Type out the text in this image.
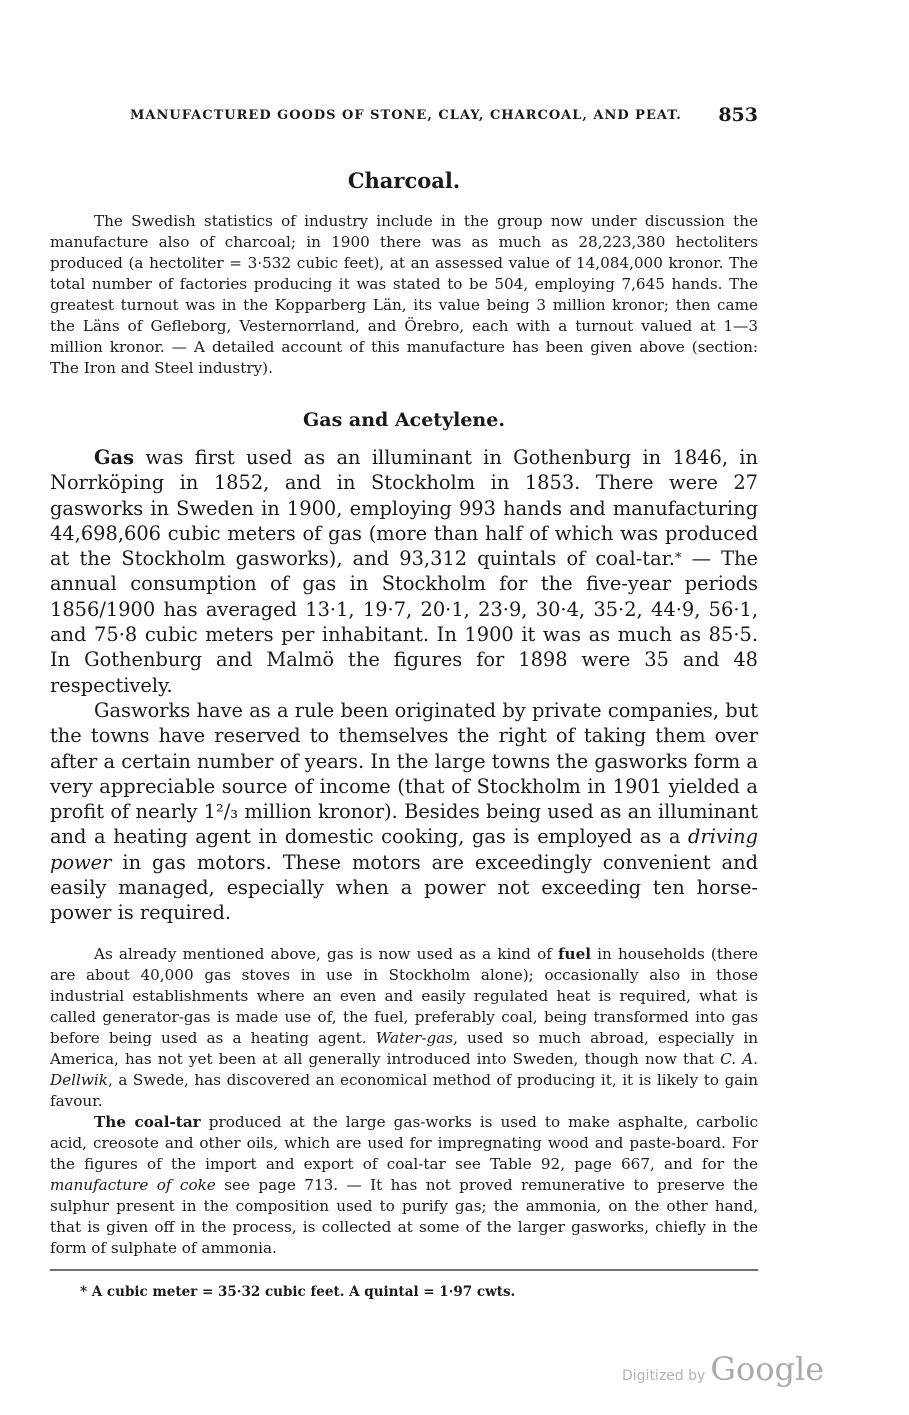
MANUFACTURED GOODS OF STONE, CLAY, CHARCOAL, AND PEAT. 853
Charcoal.

The Swedish statistics of industry include in the group now under discussion the manufacture also of charcoal; in 1900 there was as much as 28,223,380 hectoliters produced (a hectoliter = 3·532 cubic feet), at an assessed value of 14,084,000 kronor. The total number of factories producing it was stated to be 504, employing 7,645 hands. The greatest turnout was in the Kopparberg Län, its value being 3 million kronor; then came the Läns of Gefleborg, Vesternorrland, and Örebro, each with a turnout valued at 1—3 million kronor. — A detailed account of this manufacture has been given above (section: The Iron and Steel industry).

Gas and Acetylene.

Gas was first used as an illuminant in Gothenburg in 1846, in Norrköping in 1852, and in Stockholm in 1853. There were 27 gasworks in Sweden in 1900, employing 993 hands and manufacturing 44,698,606 cubic meters of gas (more than half of which was produced at the Stockholm gasworks), and 93,312 quintals of coal-tar.* — The annual consumption of gas in Stockholm for the five-year periods 1856/1900 has averaged 13·1, 19·7, 20·1, 23·9, 30·4, 35·2, 44·9, 56·1, and 75·8 cubic meters per inhabitant. In 1900 it was as much as 85·5. In Gothenburg and Malmö the figures for 1898 were 35 and 48 respectively.

Gasworks have as a rule been originated by private companies, but the towns have reserved to themselves the right of taking them over after a certain number of years. In the large towns the gasworks form a very appreciable source of income (that of Stockholm in 1901 yielded a profit of nearly 1²/₃ million kronor). Besides being used as an illuminant and a heating agent in domestic cooking, gas is employed as a driving power in gas motors. These motors are exceedingly convenient and easily managed, especially when a power not exceeding ten horse-power is required.

As already mentioned above, gas is now used as a kind of fuel in households (there are about 40,000 gas stoves in use in Stockholm alone); occasionally also in those industrial establishments where an even and easily regulated heat is required, what is called generator-gas is made use of, the fuel, preferably coal, being transformed into gas before being used as a heating agent. Water-gas, used so much abroad, especially in America, has not yet been at all generally introduced into Sweden, though now that C. A. Dellwik, a Swede, has discovered an economical method of producing it, it is likely to gain favour.

The coal-tar produced at the large gas-works is used to make asphalte, carbolic acid, creosote and other oils, which are used for impregnating wood and paste-board. For the figures of the import and export of coal-tar see Table 92, page 667, and for the manufacture of coke see page 713. — It has not proved remunerative to preserve the sulphur present in the composition used to purify gas; the ammonia, on the other hand, that is given off in the process, is collected at some of the larger gasworks, chiefly in the form of sulphate of ammonia.

* A cubic meter = 35·32 cubic feet. A quintal = 1·97 cwts.
Digitized by Google
